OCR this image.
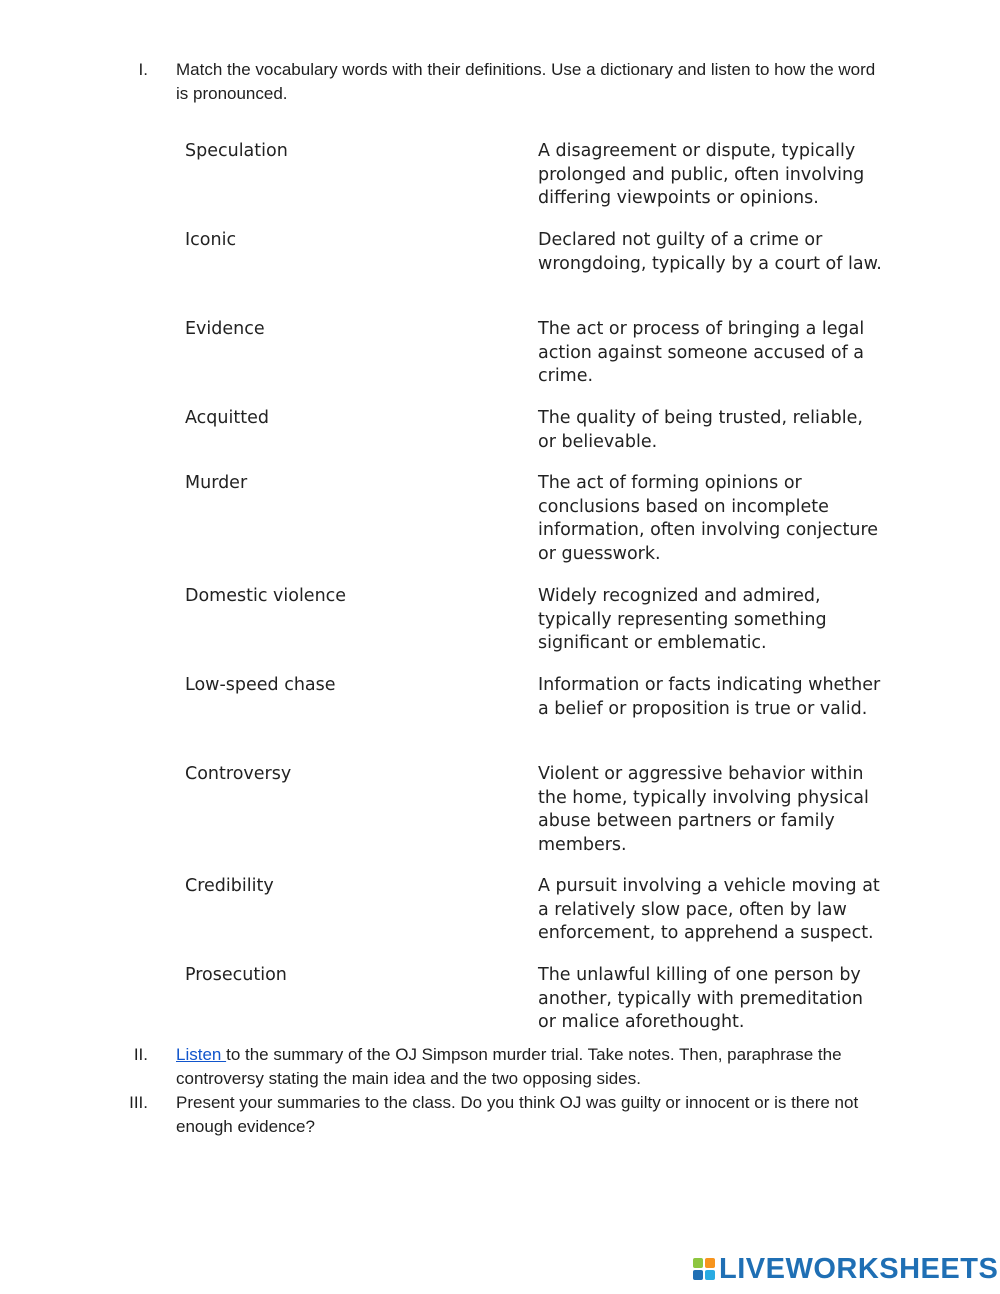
I. Match the vocabulary words with their definitions. Use a dictionary and listen to how the word is pronounced.
Speculation	A disagreement or dispute, typically prolonged and public, often involving differing viewpoints or opinions.
Iconic	Declared not guilty of a crime or wrongdoing, typically by a court of law.
Evidence	The act or process of bringing a legal action against someone accused of a crime.
Acquitted	The quality of being trusted, reliable, or believable.
Murder	The act of forming opinions or conclusions based on incomplete information, often involving conjecture or guesswork.
Domestic violence	Widely recognized and admired, typically representing something significant or emblematic.
Low-speed chase	Information or facts indicating whether a belief or proposition is true or valid.
Controversy	Violent or aggressive behavior within the home, typically involving physical abuse between partners or family members.
Credibility	A pursuit involving a vehicle moving at a relatively slow pace, often by law enforcement, to apprehend a suspect.
Prosecution	The unlawful killing of one person by another, typically with premeditation or malice aforethought.
II. Listen to the summary of the OJ Simpson murder trial. Take notes. Then, paraphrase the controversy stating the main idea and the two opposing sides.
III. Present your summaries to the class. Do you think OJ was guilty or innocent or is there not enough evidence?
LIVEWORKSHEETS
